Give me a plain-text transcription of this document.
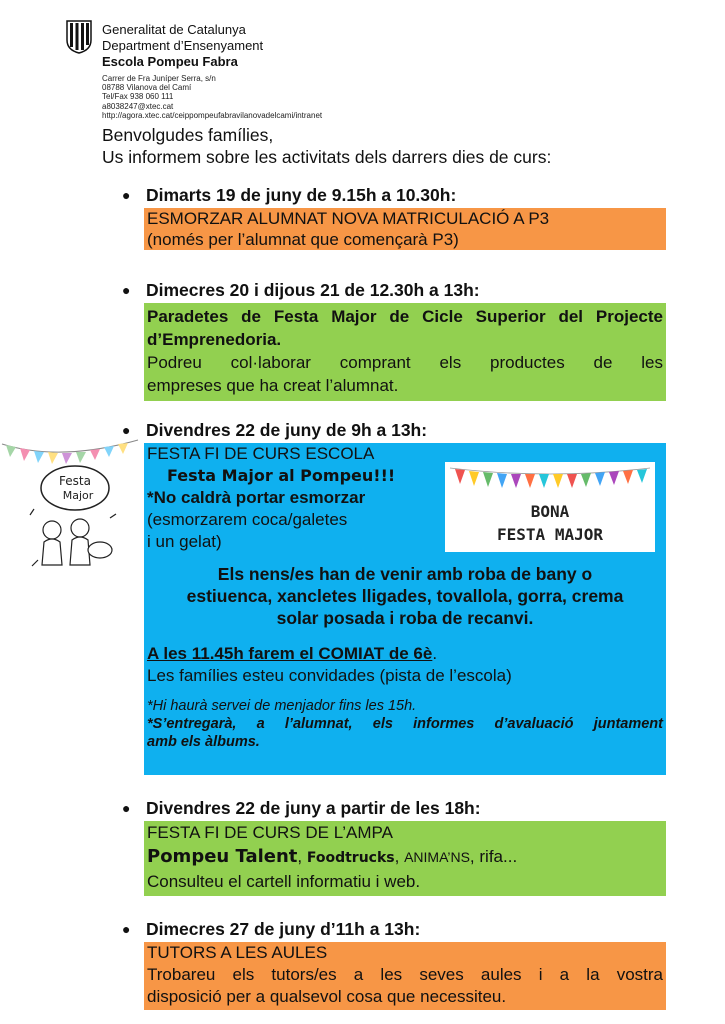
Generalitat de Catalunya
Department d’Ensenyament
Escola Pompeu Fabra
Carrer de Fra Juníper Serra, s/n
08788 Vilanova del Camí
Tel/Fax 938 060 111
a8038247@xtec.cat
http://agora.xtec.cat/ceippompeufabravilanovadelcami/intranet
Benvolgudes famílies,
Us informem sobre les activitats dels darrers dies de curs:
● Dimarts 19 de juny de 9.15h a 10.30h:
ESMORZAR ALUMNAT NOVA MATRICULACIÓ A P3
(només per l’alumnat que començarà P3)
● Dimecres 20 i dijous 21 de 12.30h a 13h:
Paradetes de Festa Major de Cicle Superior del Projecte
d’Emprenedoria.
Podreu col·laborar comprant els productes de les
empreses que ha creat l’alumnat.
● Divendres 22 de juny de 9h a 13h:
FESTA FI DE CURS ESCOLA
Festa Major al Pompeu!!!
*No caldrà portar esmorzar
(esmorzarem coca/galetes
i un gelat)
Els nens/es han de venir amb roba de bany o
estiuenca, xancletes lligades, tovallola, gorra, crema
solar posada i roba de recanvi.
A les 11.45h farem el COMIAT de 6è.
Les famílies esteu convidades (pista de l’escola)
*Hi haurà servei de menjador fins les 15h.
*S’entregarà, a l’alumnat, els informes d’avaluació juntament
amb els àlbums.
Festa
Major
BONA
FESTA MAJOR
● Divendres 22 de juny a partir de les 18h:
FESTA FI DE CURS DE L’AMPA
Pompeu Talent, Foodtrucks, ANIMA’NS, rifa...
Consulteu el cartell informatiu i web.
● Dimecres 27 de juny d’11h a 13h:
TUTORS A LES AULES
Trobareu els tutors/es a les seves aules i a la vostra
disposició per a qualsevol cosa que necessiteu.
